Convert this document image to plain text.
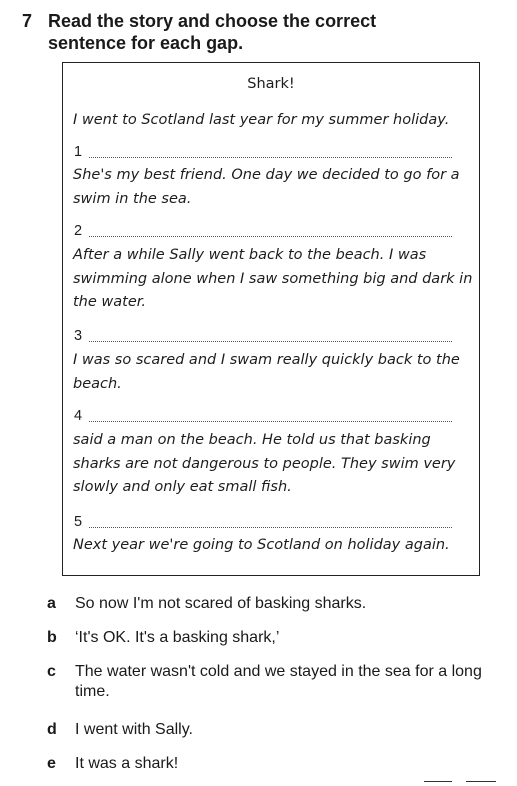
7 Read the story and choose the correct
sentence for each gap.
Shark!
I went to Scotland last year for my summer holiday.
1
She's my best friend. One day we decided to go for a swim in the sea.
2
After a while Sally went back to the beach. I was swimming alone when I saw something big and dark in the water.
3
I was so scared and I swam really quickly back to the beach.
4
said a man on the beach. He told us that basking sharks are not dangerous to people. They swim very slowly and only eat small fish.
5
Next year we're going to Scotland on holiday again.
a So now I'm not scared of basking sharks.
b ‘It's OK. It's a basking shark,’
c The water wasn't cold and we stayed in the sea for a long time.
d I went with Sally.
e It was a shark!
